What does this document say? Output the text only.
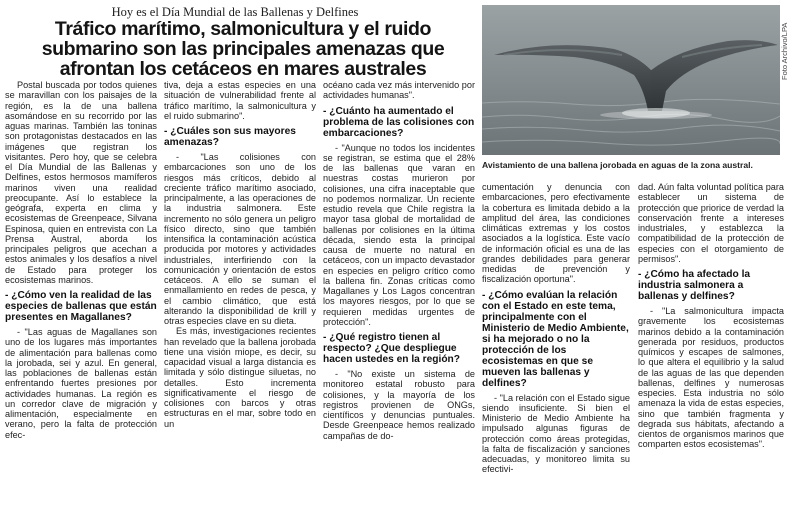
Hoy es el Día Mundial de las Ballenas y Delfines
Tráfico marítimo, salmonicultura y el ruido submarino son las principales amenazas que afrontan los cetáceos en mares australes	Foto Archivo/LPA
Avistamiento de una ballena jorobada en aguas de la zona austral.

Postal buscada por todos quienes se maravillan con los paisajes de la región, es la de una ballena asomándose en su recorrido por las aguas marinas. También las toninas son protagonistas destacados en las imágenes que registran los visitantes. Pero hoy, que se celebra el Día Mundial de las Ballenas y Delfines, estos hermosos mamíferos marinos viven una realidad preocupante. Así lo establece la geógrafa, experta en clima y ecosistemas de Greenpeace, Silvana Espinosa, quien en entrevista con La Prensa Austral, aborda los principales peligros que acechan a estos animales y los desafíos a nivel de Estado para proteger los ecosistemas marinos.

- ¿Cómo ven la realidad de las especies de ballenas que están presentes en Magallanes?

- "Las aguas de Magallanes son uno de los lugares más importantes de alimentación para ballenas como la jorobada, sei y azul. En general, las poblaciones de ballenas están enfrentando fuertes presiones por actividades humanas. La región es un corredor clave de migración y alimentación, especialmente en verano, pero la falta de protección efec-

tiva, deja a estas especies en una situación de vulnerabilidad frente al tráfico marítimo, la salmonicultura y el ruido submarino".

- ¿Cuáles son sus mayores amenazas?

- "Las colisiones con embarcaciones son uno de los riesgos más críticos, debido al creciente tráfico marítimo asociado, principalmente, a las operaciones de la industria salmonera. Este incremento no sólo genera un peligro físico directo, sino que también intensifica la contaminación acústica producida por motores y actividades industriales, interfiriendo con la comunicación y orientación de estos cetáceos. A ello se suman el enmallamiento en redes de pesca, y el cambio climático, que está alterando la disponibilidad de krill y otras especies clave en su dieta.

Es más, investigaciones recientes han revelado que la ballena jorobada tiene una visión miope, es decir, su capacidad visual a larga distancia es limitada y sólo distingue siluetas, no detalles. Esto incrementa significativamente el riesgo de colisiones con barcos y otras estructuras en el mar, sobre todo en un

océano cada vez más intervenido por actividades humanas".

- ¿Cuánto ha aumentado el problema de las colisiones con embarcaciones?

- "Aunque no todos los incidentes se registran, se estima que el 28% de las ballenas que varan en nuestras costas murieron por colisiones, una cifra inaceptable que no podemos normalizar. Un reciente estudio revela que Chile registra la mayor tasa global de mortalidad de ballenas por colisiones en la última década, siendo esta la principal causa de muerte no natural en cetáceos, con un impacto devastador en especies en peligro crítico como la ballena fin. Zonas críticas como Magallanes y Los Lagos concentran los mayores riesgos, por lo que se requieren medidas urgentes de protección".

- ¿Qué registro tienen al respecto? ¿Que despliegue hacen ustedes en la región?

- "No existe un sistema de monitoreo estatal robusto para colisiones, y la mayoría de los registros provienen de ONGs, científicos y denuncias puntuales. Desde Greenpeace hemos realizado campañas de do-

cumentación y denuncia con embarcaciones, pero efectivamente la cobertura es limitada debido a la amplitud del área, las condiciones climáticas extremas y los costos asociados a la logística. Este vacío de información oficial es una de las grandes debilidades para generar medidas de prevención y fiscalización oportuna".

- ¿Cómo evalúan la relación con el Estado en este tema, principalmente con el Ministerio de Medio Ambiente, si ha mejorado o no la protección de los ecosistemas en que se mueven las ballenas y delfines?

- "La relación con el Estado sigue siendo insuficiente. Si bien el Ministerio de Medio Ambiente ha impulsado algunas figuras de protección como áreas protegidas, la falta de fiscalización y sanciones adecuadas, y monitoreo limita su efectivi-

dad. Aún falta voluntad política para establecer un sistema de protección que priorice de verdad la conservación frente a intereses industriales, y establezca la compatibilidad de la protección de especies con el otorgamiento de permisos".

- ¿Cómo ha afectado la industria salmonera a ballenas y delfines?

- "La salmonicultura impacta gravemente los ecosistemas marinos debido a la contaminación generada por residuos, productos químicos y escapes de salmones, lo que altera el equilibrio y la salud de las aguas de las que dependen ballenas, delfines y numerosas especies. Esta industria no sólo amenaza la vida de estas especies, sino que también fragmenta y degrada sus hábitats, afectando a cientos de organismos marinos que comparten estos ecosistemas".
